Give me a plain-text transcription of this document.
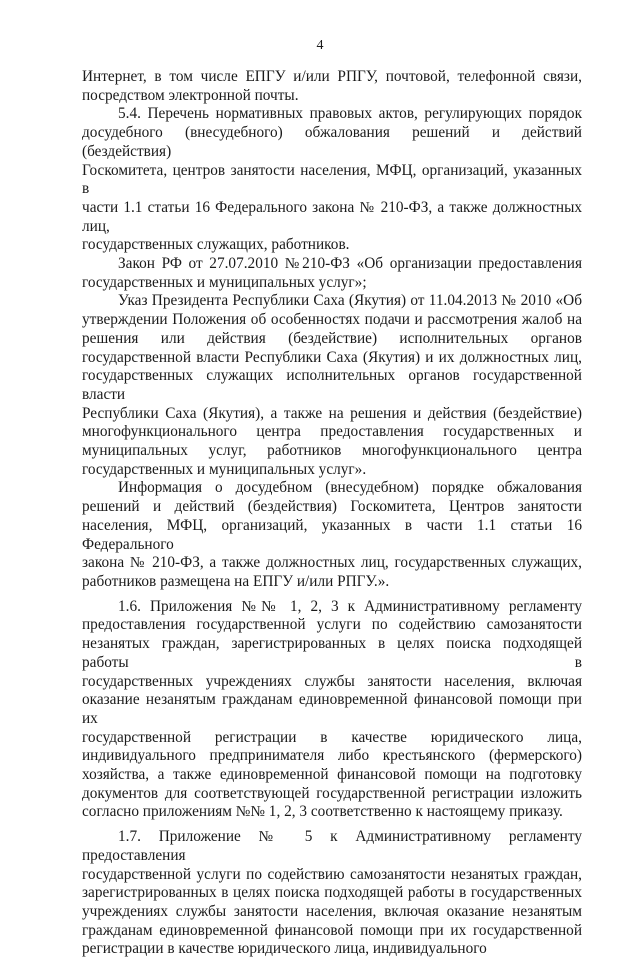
4

Интернет, в том числе ЕПГУ и/или РПГУ, почтовой, телефонной связи,

посредством электронной почты.

5.4. Перечень нормативных правовых актов, регулирующих порядок

досудебного (внесудебного) обжалования решений и действий (бездействия)

Госкомитета, центров занятости населения, МФЦ, организаций, указанных в

части 1.1 статьи 16 Федерального закона № 210-ФЗ, а также должностных лиц,

государственных служащих, работников.

Закон РФ от 27.07.2010 №210-ФЗ «Об организации предоставления

государственных и муниципальных услуг»;

Указ Президента Республики Саха (Якутия) от 11.04.2013 № 2010 «Об

утверждении Положения об особенностях подачи и рассмотрения жалоб на

решения или действия (бездействие) исполнительных органов

государственной власти Республики Саха (Якутия) и их должностных лиц,

государственных служащих исполнительных органов государственной власти

Республики Саха (Якутия), а также на решения и действия (бездействие)

многофункционального центра предоставления государственных и

муниципальных услуг, работников многофункционального центра

государственных и муниципальных услуг».

Информация о досудебном (внесудебном) порядке обжалования

решений и действий (бездействия) Госкомитета, Центров занятости

населения, МФЦ, организаций, указанных в части 1.1 статьи 16 Федерального

закона № 210-ФЗ, а также должностных лиц, государственных служащих,

работников размещена на ЕПГУ и/или РПГУ.».

1.6. Приложения №№ 1, 2, 3 к Административному регламенту

предоставления государственной услуги по содействию самозанятости

незанятых граждан, зарегистрированных в целях поиска подходящей работы в

государственных учреждениях службы занятости населения, включая

оказание незанятым гражданам единовременной финансовой помощи при их

государственной регистрации в качестве юридического лица,

индивидуального предпринимателя либо крестьянского (фермерского)

хозяйства, а также единовременной финансовой помощи на подготовку

документов для соответствующей государственной регистрации изложить

согласно приложениям №№ 1, 2, 3 соответственно к настоящему приказу.

1.7. Приложение № 5 к Административному регламенту предоставления

государственной услуги по содействию самозанятости незанятых граждан,

зарегистрированных в целях поиска подходящей работы в государственных

учреждениях службы занятости населения, включая оказание незанятым

гражданам единовременной финансовой помощи при их государственной

регистрации в качестве юридического лица, индивидуального
